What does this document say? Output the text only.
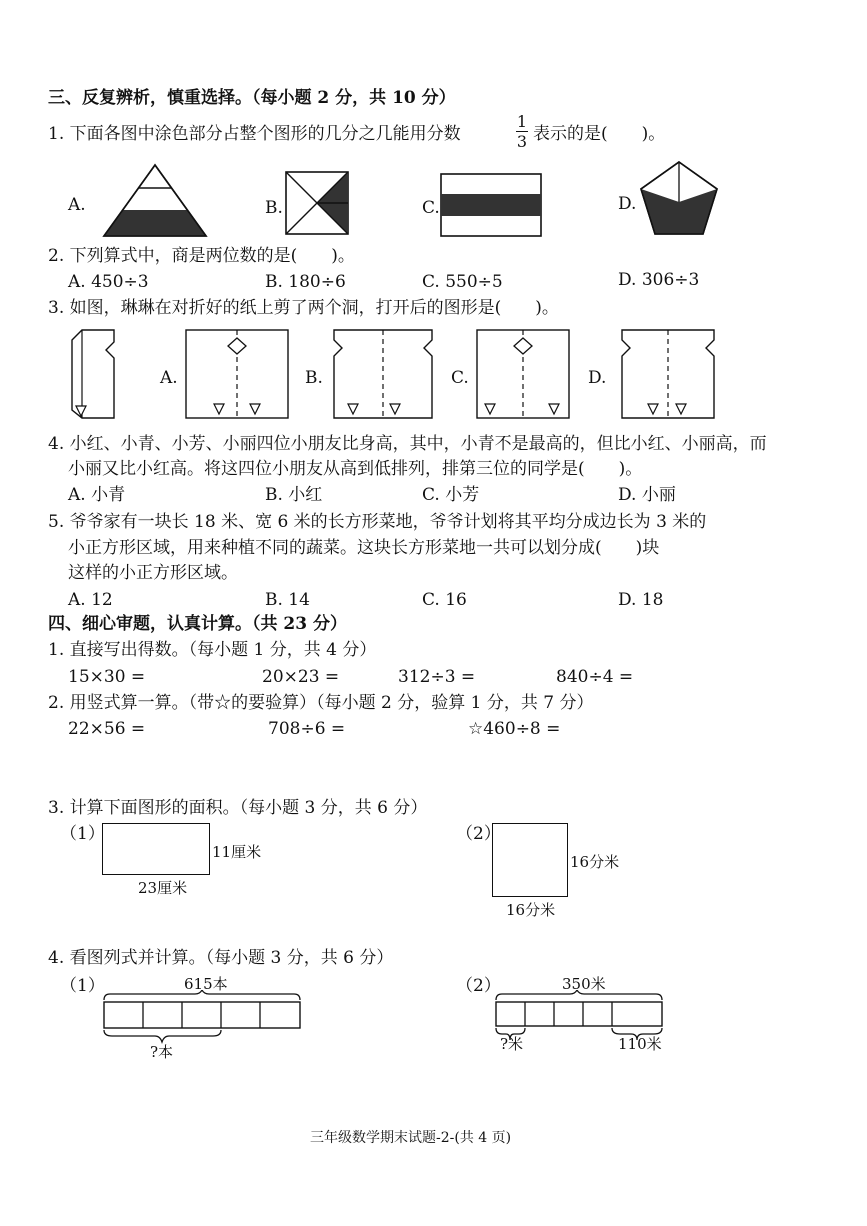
三、反复辨析，慎重选择。（每小题 2 分，共 10 分）
1. 下面各图中涂色部分占整个图形的几分之几能用分数
1
3 表示的是(　　)。
A.	B.	C.	D.
2. 下列算式中，商是两位数的是(　　)。
A. 450÷3	B. 180÷6	C. 550÷5	D. 306÷3
3. 如图，琳琳在对折好的纸上剪了两个洞，打开后的图形是(　　)。
A.	B.	C.	D.
4. 小红、小青、小芳、小丽四位小朋友比身高，其中，小青不是最高的，但比小红、小丽高，而
小丽又比小红高。将这四位小朋友从高到低排列，排第三位的同学是(　　)。
A. 小青	B. 小红	C. 小芳	D. 小丽
5. 爷爷家有一块长 18 米、宽 6 米的长方形菜地，爷爷计划将其平均分成边长为 3 米的
小正方形区域，用来种植不同的蔬菜。这块长方形菜地一共可以划分成(　　)块
这样的小正方形区域。
A. 12	B. 14	C. 16	D. 18
四、细心审题，认真计算。（共 23 分）
1. 直接写出得数。（每小题 1 分，共 4 分）
15×30 =	20×23 =	312÷3 =	840÷4 =
2. 用竖式算一算。（带☆的要验算）（每小题 2 分，验算 1 分，共 7 分）
22×56 =	708÷6 =	☆460÷8 =
3. 计算下面图形的面积。（每小题 3 分，共 6 分）
（1）
11厘米
23厘米
（2）
16分米
16分米
4. 看图列式并计算。（每小题 3 分，共 6 分）
（1）	615本
?本
（2）	350米
?米	110米
三年级数学期末试题-2-(共 4 页)
